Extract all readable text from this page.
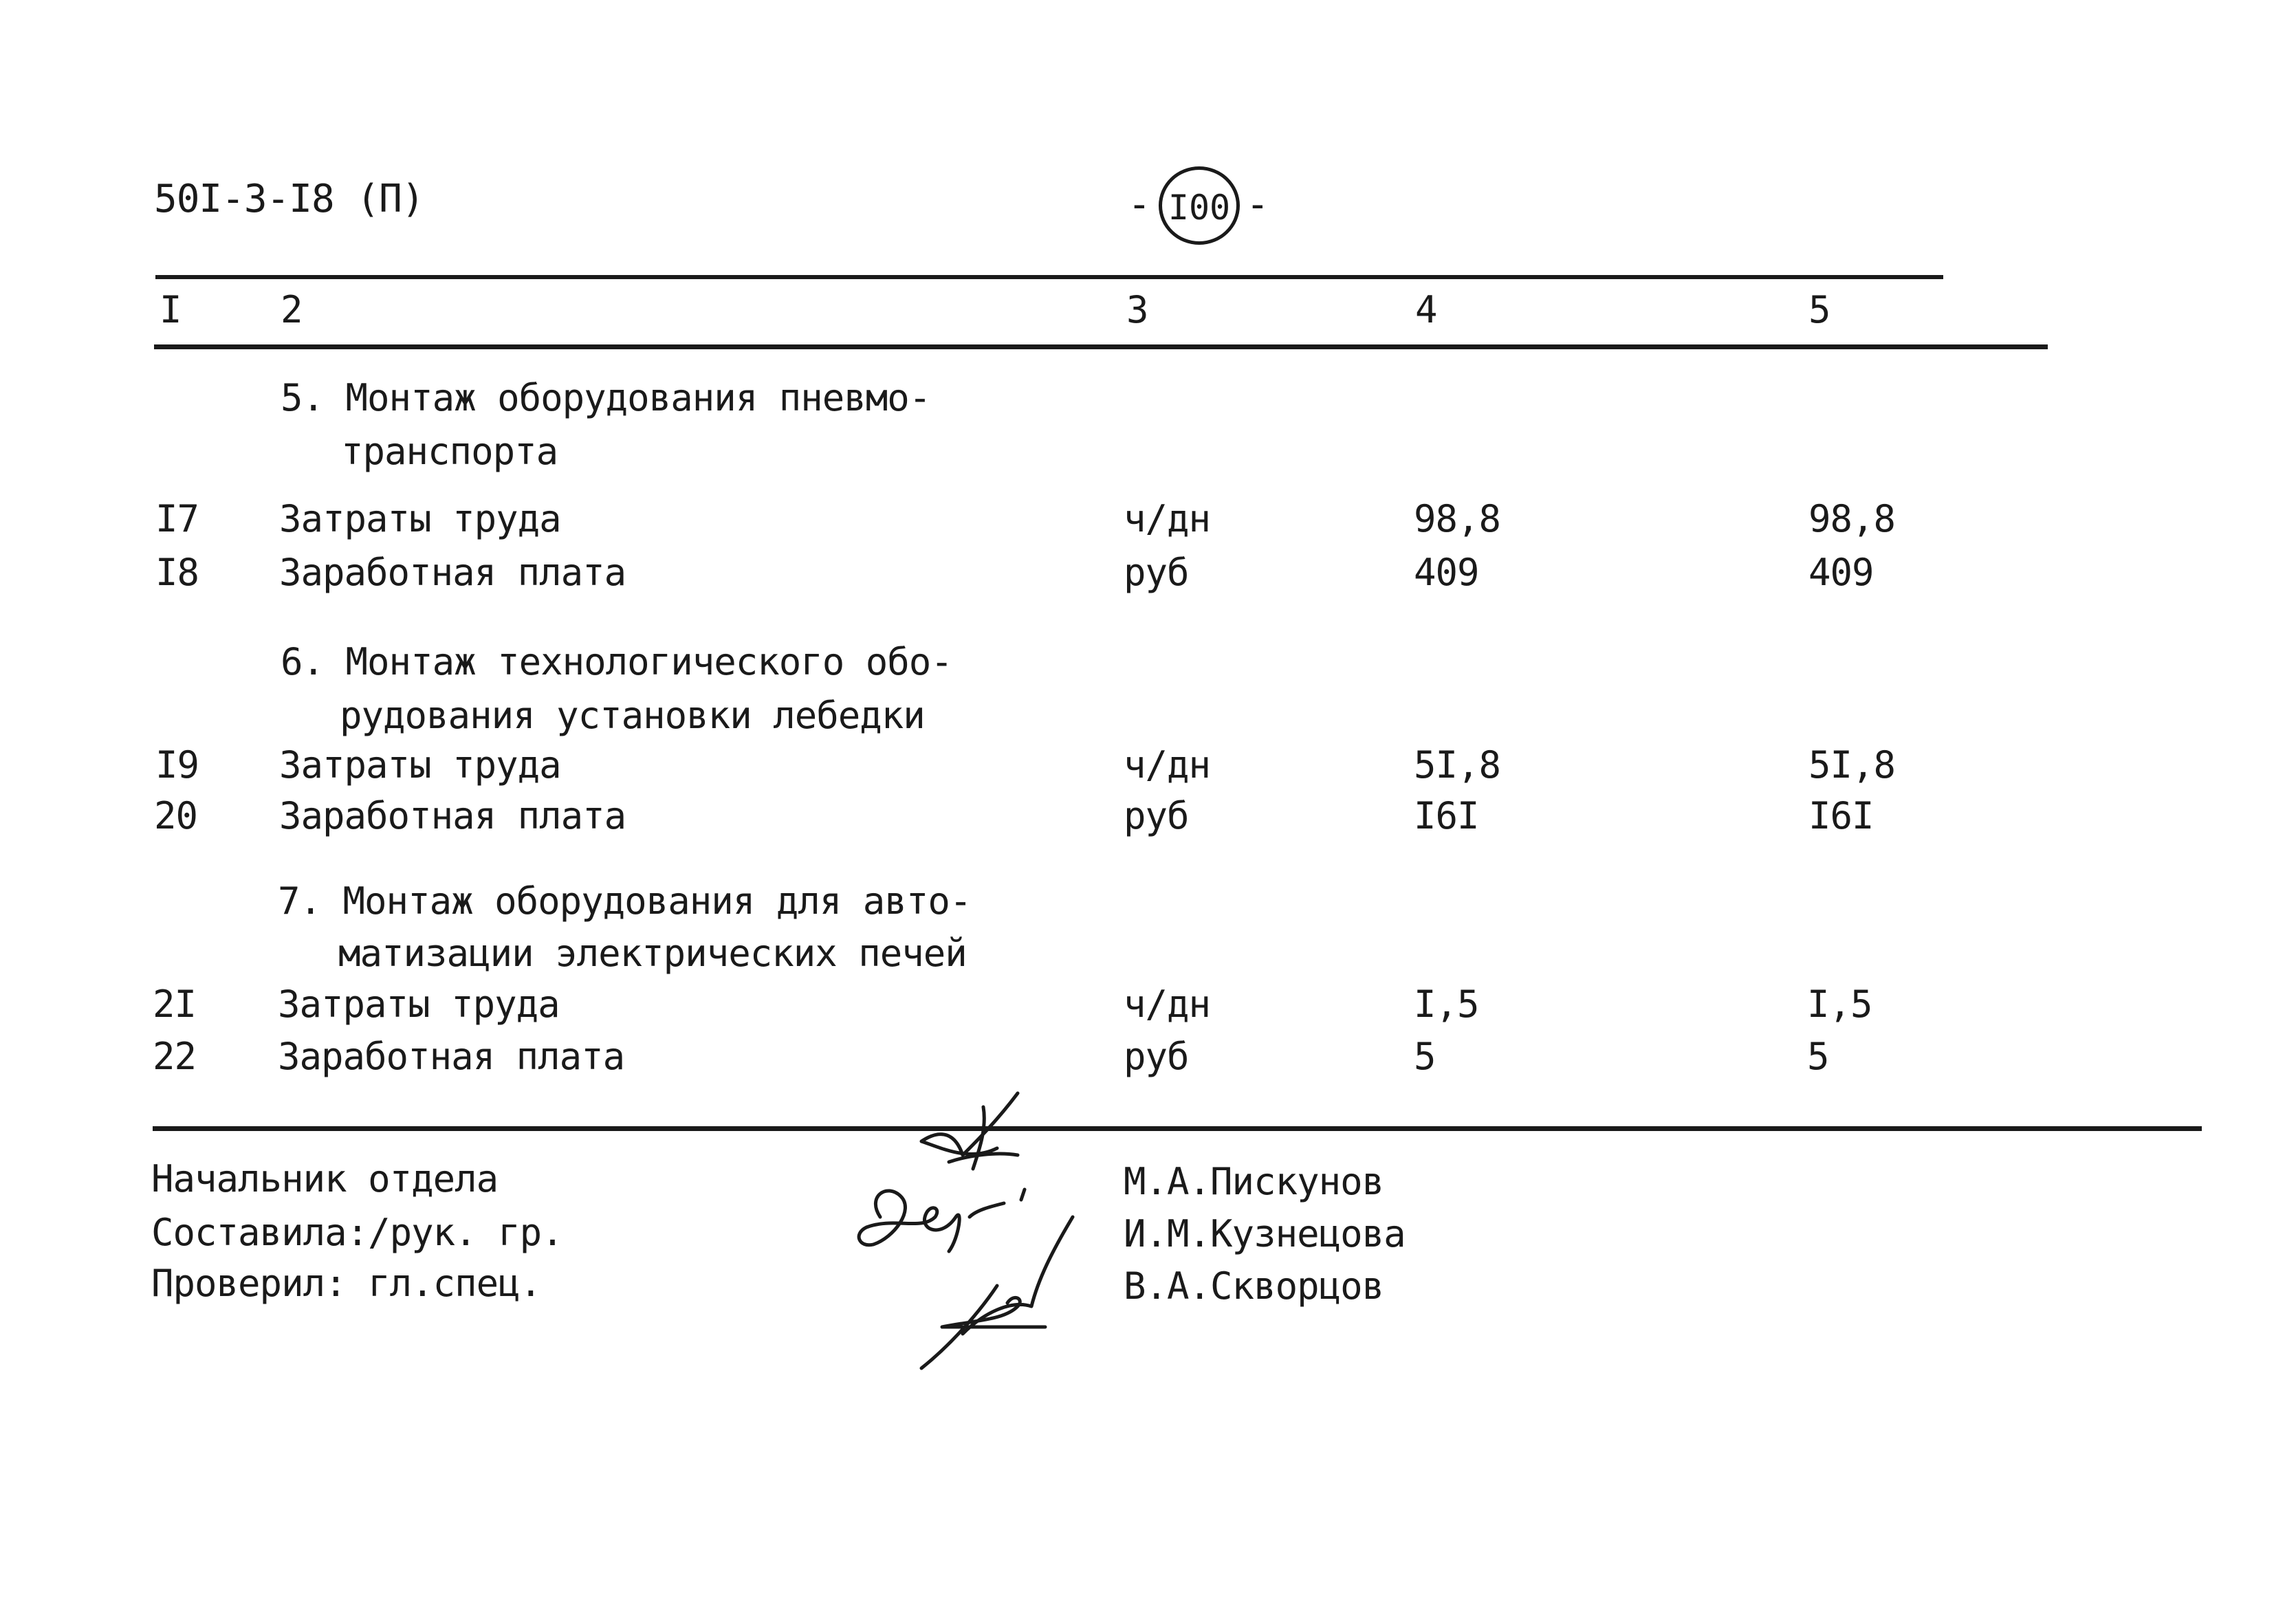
50I-3-I8 (П)	- I00 -
I	2	3	4	5
5. Монтаж оборудования пневмо-
транспорта
I7 Затраты труда	ч/дн	98,8	98,8
I8 Заработная плата	руб	409	409
6. Монтаж технологического обо-
рудования установки лебедки
I9 Затраты труда	ч/дн	5I,8	5I,8
20 Заработная плата	руб	I6I	I6I
7. Монтаж оборудования для авто-
матизации электрических печей
2I Затраты труда	ч/дн	I,5	I,5
22 Заработная плата	руб	5	5
Начальник отдела
Составила:/рук. гр.
Проверил: гл.спец.
М.А.Пискунов
И.М.Кузнецова
В.А.Скворцов
